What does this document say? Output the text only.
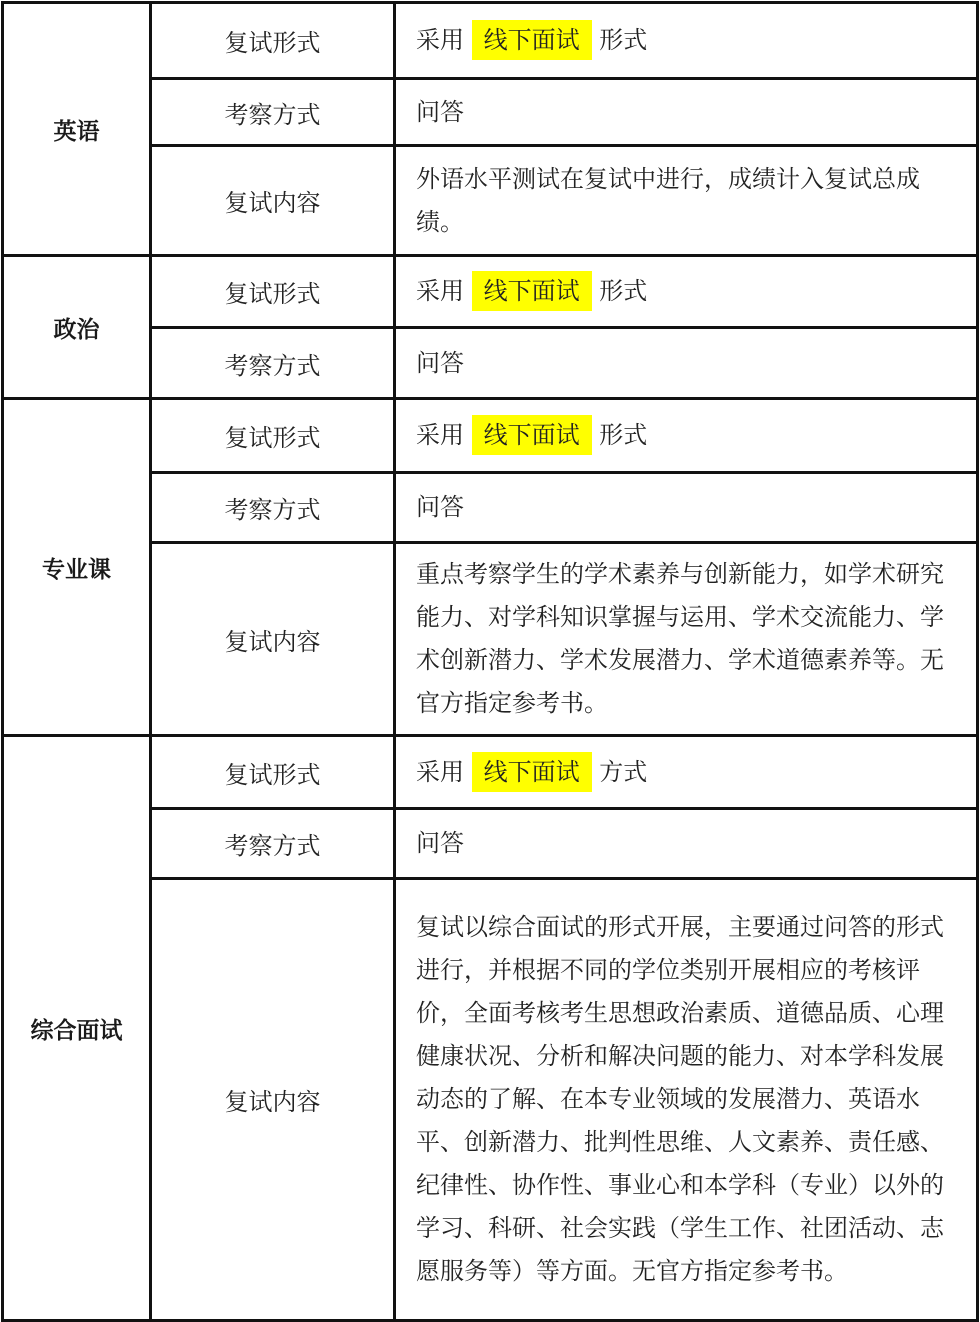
英语	复试形式	采用 线下面试 形式
	考察方式	问答
	复试内容	外语水平测试在复试中进行，成绩计入复试总成绩。
政治	复试形式	采用 线下面试 形式
	考察方式	问答
专业课	复试形式	采用 线下面试 形式
	考察方式	问答
	复试内容	重点考察学生的学术素养与创新能力，如学术研究能力、对学科知识掌握与运用、学术交流能力、学术创新潜力、学术发展潜力、学术道德素养等。无官方指定参考书。
综合面试	复试形式	采用 线下面试 方式
	考察方式	问答
	复试内容	复试以综合面试的形式开展，主要通过问答的形式进行，并根据不同的学位类别开展相应的考核评价，全面考核考生思想政治素质、道德品质、心理健康状况、分析和解决问题的能力、对本学科发展动态的了解、在本专业领域的发展潜力、英语水平、创新潜力、批判性思维、人文素养、责任感、纪律性、协作性、事业心和本学科（专业）以外的学习、科研、社会实践（学生工作、社团活动、志愿服务等）等方面。无官方指定参考书。
